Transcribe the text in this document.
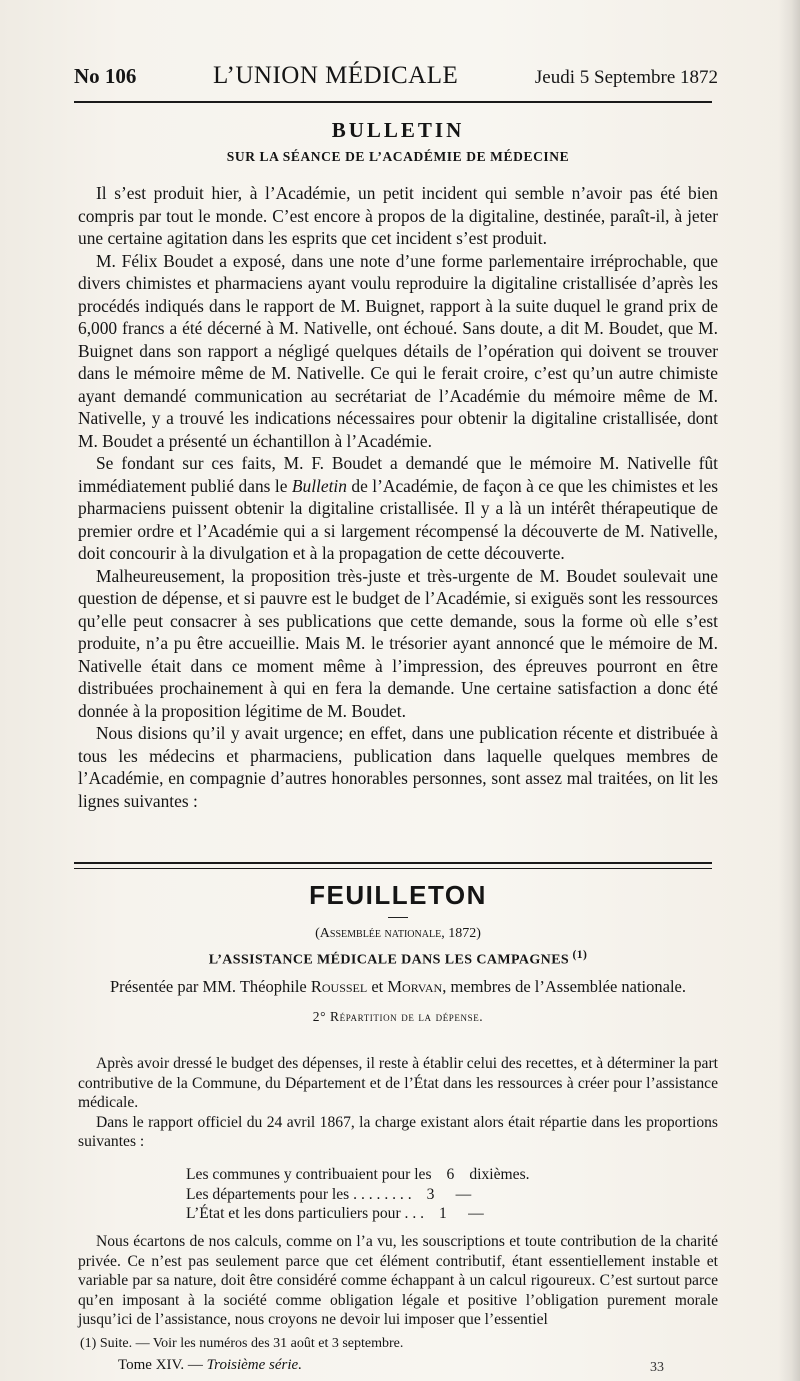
No 106	L’UNION MÉDICALE	Jeudi 5 Septembre 1872
BULLETIN
SUR LA SÉANCE DE L’ACADÉMIE DE MÉDECINE

Il s’est produit hier, à l’Académie, un petit incident qui semble n’avoir pas été bien compris par tout le monde. C’est encore à propos de la digitaline, destinée, paraît-il, à jeter une certaine agitation dans les esprits que cet incident s’est produit.

M. Félix Boudet a exposé, dans une note d’une forme parlementaire irréprochable, que divers chimistes et pharmaciens ayant voulu reproduire la digitaline cristallisée d’après les procédés indiqués dans le rapport de M. Buignet, rapport à la suite duquel le grand prix de 6,000 francs a été décerné à M. Nativelle, ont échoué. Sans doute, a dit M. Boudet, que M. Buignet dans son rapport a négligé quelques détails de l’opération qui doivent se trouver dans le mémoire même de M. Nativelle. Ce qui le ferait croire, c’est qu’un autre chimiste ayant demandé communication au secrétariat de l’Académie du mémoire même de M. Nativelle, y a trouvé les indications nécessaires pour obtenir la digitaline cristallisée, dont M. Boudet a présenté un échantillon à l’Académie.

Se fondant sur ces faits, M. F. Boudet a demandé que le mémoire M. Nativelle fût immédiatement publié dans le Bulletin de l’Académie, de façon à ce que les chimistes et les pharmaciens puissent obtenir la digitaline cristallisée. Il y a là un intérêt thérapeutique de premier ordre et l’Académie qui a si largement récompensé la découverte de M. Nativelle, doit concourir à la divulgation et à la propagation de cette découverte.

Malheureusement, la proposition très-juste et très-urgente de M. Boudet soulevait une question de dépense, et si pauvre est le budget de l’Académie, si exiguës sont les ressources qu’elle peut consacrer à ses publications que cette demande, sous la forme où elle s’est produite, n’a pu être accueillie. Mais M. le trésorier ayant annoncé que le mémoire de M. Nativelle était dans ce moment même à l’impression, des épreuves pourront en être distribuées prochainement à qui en fera la demande. Une certaine satisfaction a donc été donnée à la proposition légitime de M. Boudet.

Nous disions qu’il y avait urgence; en effet, dans une publication récente et distribuée à tous les médecins et pharmaciens, publication dans laquelle quelques membres de l’Académie, en compagnie d’autres honorables personnes, sont assez mal traitées, on lit les lignes suivantes :

FEUILLETON
(Assemblée nationale, 1872)
L’ASSISTANCE MÉDICALE DANS LES CAMPAGNES $^{(1)}$
Présentée par MM. Théophile Roussel et Morvan, membres de l’Assemblée nationale.
2° Répartition de la dépense.

Après avoir dressé le budget des dépenses, il reste à établir celui des recettes, et à déterminer la part contributive de la Commune, du Département et de l’État dans les ressources à créer pour l’assistance médicale.

Dans le rapport officiel du 24 avril 1867, la charge existant alors était répartie dans les proportions suivantes :

Les communes y contribuaient pour les 6 dixièmes.
Les départements pour les . . . . . . . . 3 —
L’État et les dons particuliers pour . . . 1 —

Nous écartons de nos calculs, comme on l’a vu, les souscriptions et toute contribution de la charité privée. Ce n’est pas seulement parce que cet élément contributif, étant essentiellement instable et variable par sa nature, doit être considéré comme échappant à un calcul rigoureux. C’est surtout parce qu’en imposant à la société comme obligation légale et positive l’obligation purement morale jusqu’ici de l’assistance, nous croyons ne devoir lui imposer que l’essentiel

(1) Suite. — Voir les numéros des 31 août et 3 septembre.
Tome XIV. — Troisième série.	33
